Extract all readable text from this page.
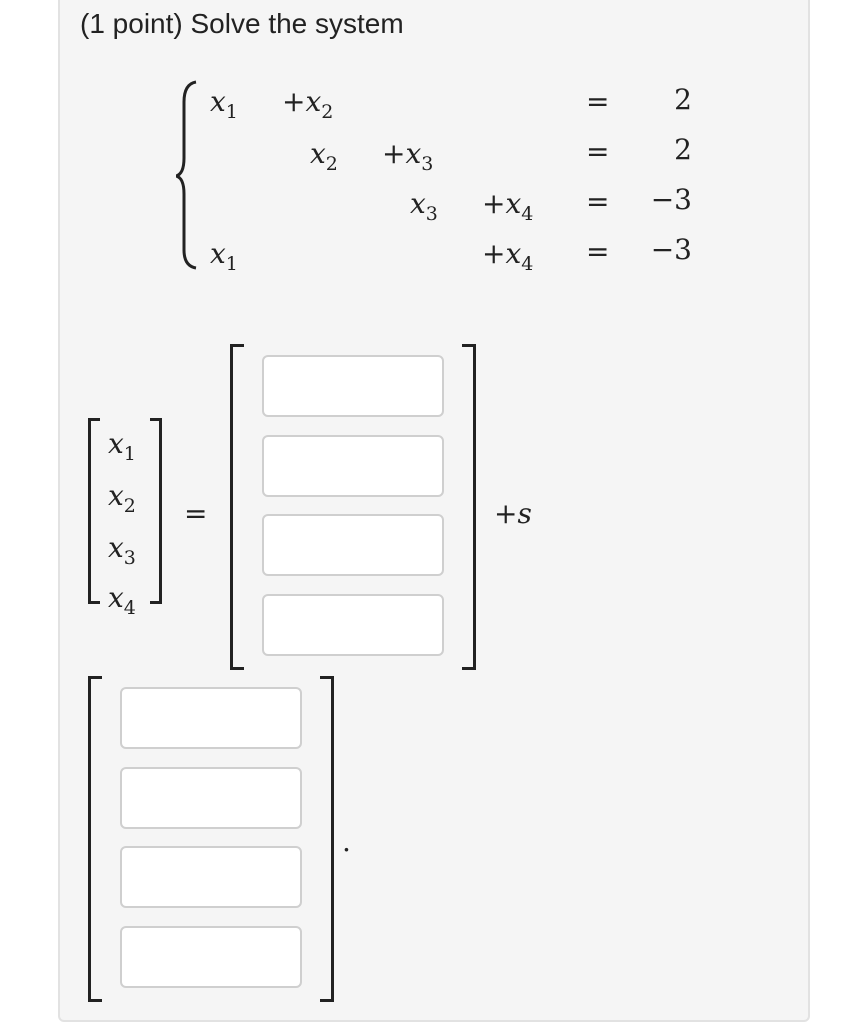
(1 point) Solve the system
$x_1 +x_2$	=	2
$x_2 +x_3$	=	2
$x_3 +x_4$ =	−3
$x_1$	$+x_4$ =	−3
$x_1$
$x_2$
$x_3$
$x_4$
=	+s
.
